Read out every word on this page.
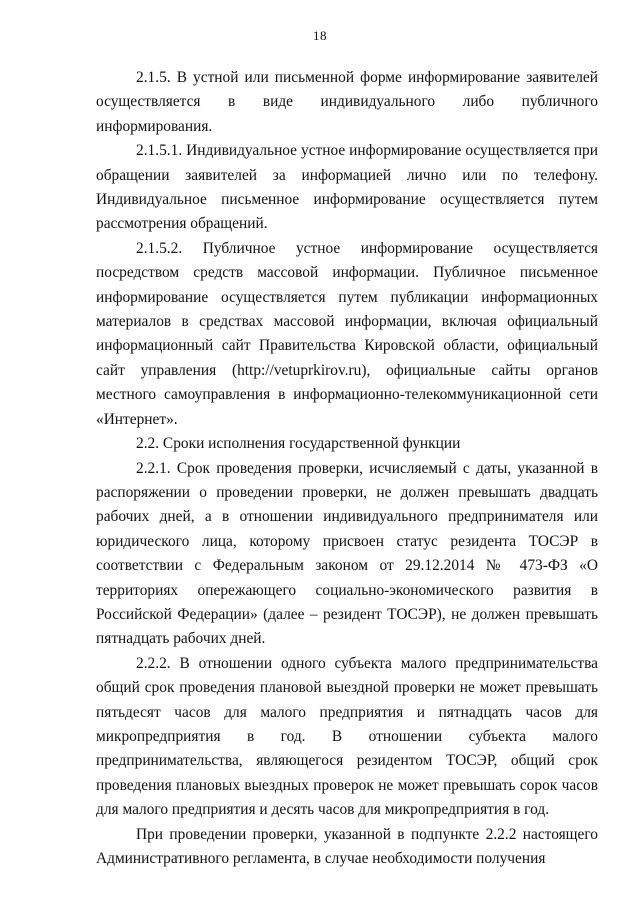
18

2.1.5. В устной или письменной форме информирование заявителей осуществляется в виде индивидуального либо публичного информирования.

2.1.5.1. Индивидуальное устное информирование осуществляется при обращении заявителей за информацией лично или по телефону. Индивидуальное письменное информирование осуществляется путем рассмотрения обращений.

2.1.5.2. Публичное устное информирование осуществляется посредством средств массовой информации. Публичное письменное информирование осуществляется путем публикации информационных материалов в средствах массовой информации, включая официальный информационный сайт Правительства Кировской области, официальный сайт управления (http://vetuprkirov.ru), официальные сайты органов местного самоуправления в информационно-телекоммуникационной сети «Интернет».

2.2. Сроки исполнения государственной функции

2.2.1. Срок проведения проверки, исчисляемый с даты, указанной в распоряжении о проведении проверки, не должен превышать двадцать рабочих дней, а в отношении индивидуального предпринимателя или юридического лица, которому присвоен статус резидента ТОСЭР в соответствии с Федеральным законом от 29.12.2014 № 473-ФЗ «О территориях опережающего социально-экономического развития в Российской Федерации» (далее – резидент ТОСЭР), не должен превышать пятнадцать рабочих дней.

2.2.2. В отношении одного субъекта малого предпринимательства общий срок проведения плановой выездной проверки не может превышать пятьдесят часов для малого предприятия и пятнадцать часов для микропредприятия в год. В отношении субъекта малого предпринимательства, являющегося резидентом ТОСЭР, общий срок проведения плановых выездных проверок не может превышать сорок часов для малого предприятия и десять часов для микропредприятия в год.

При проведении проверки, указанной в подпункте 2.2.2 настоящего Административного регламента, в случае необходимости получения
